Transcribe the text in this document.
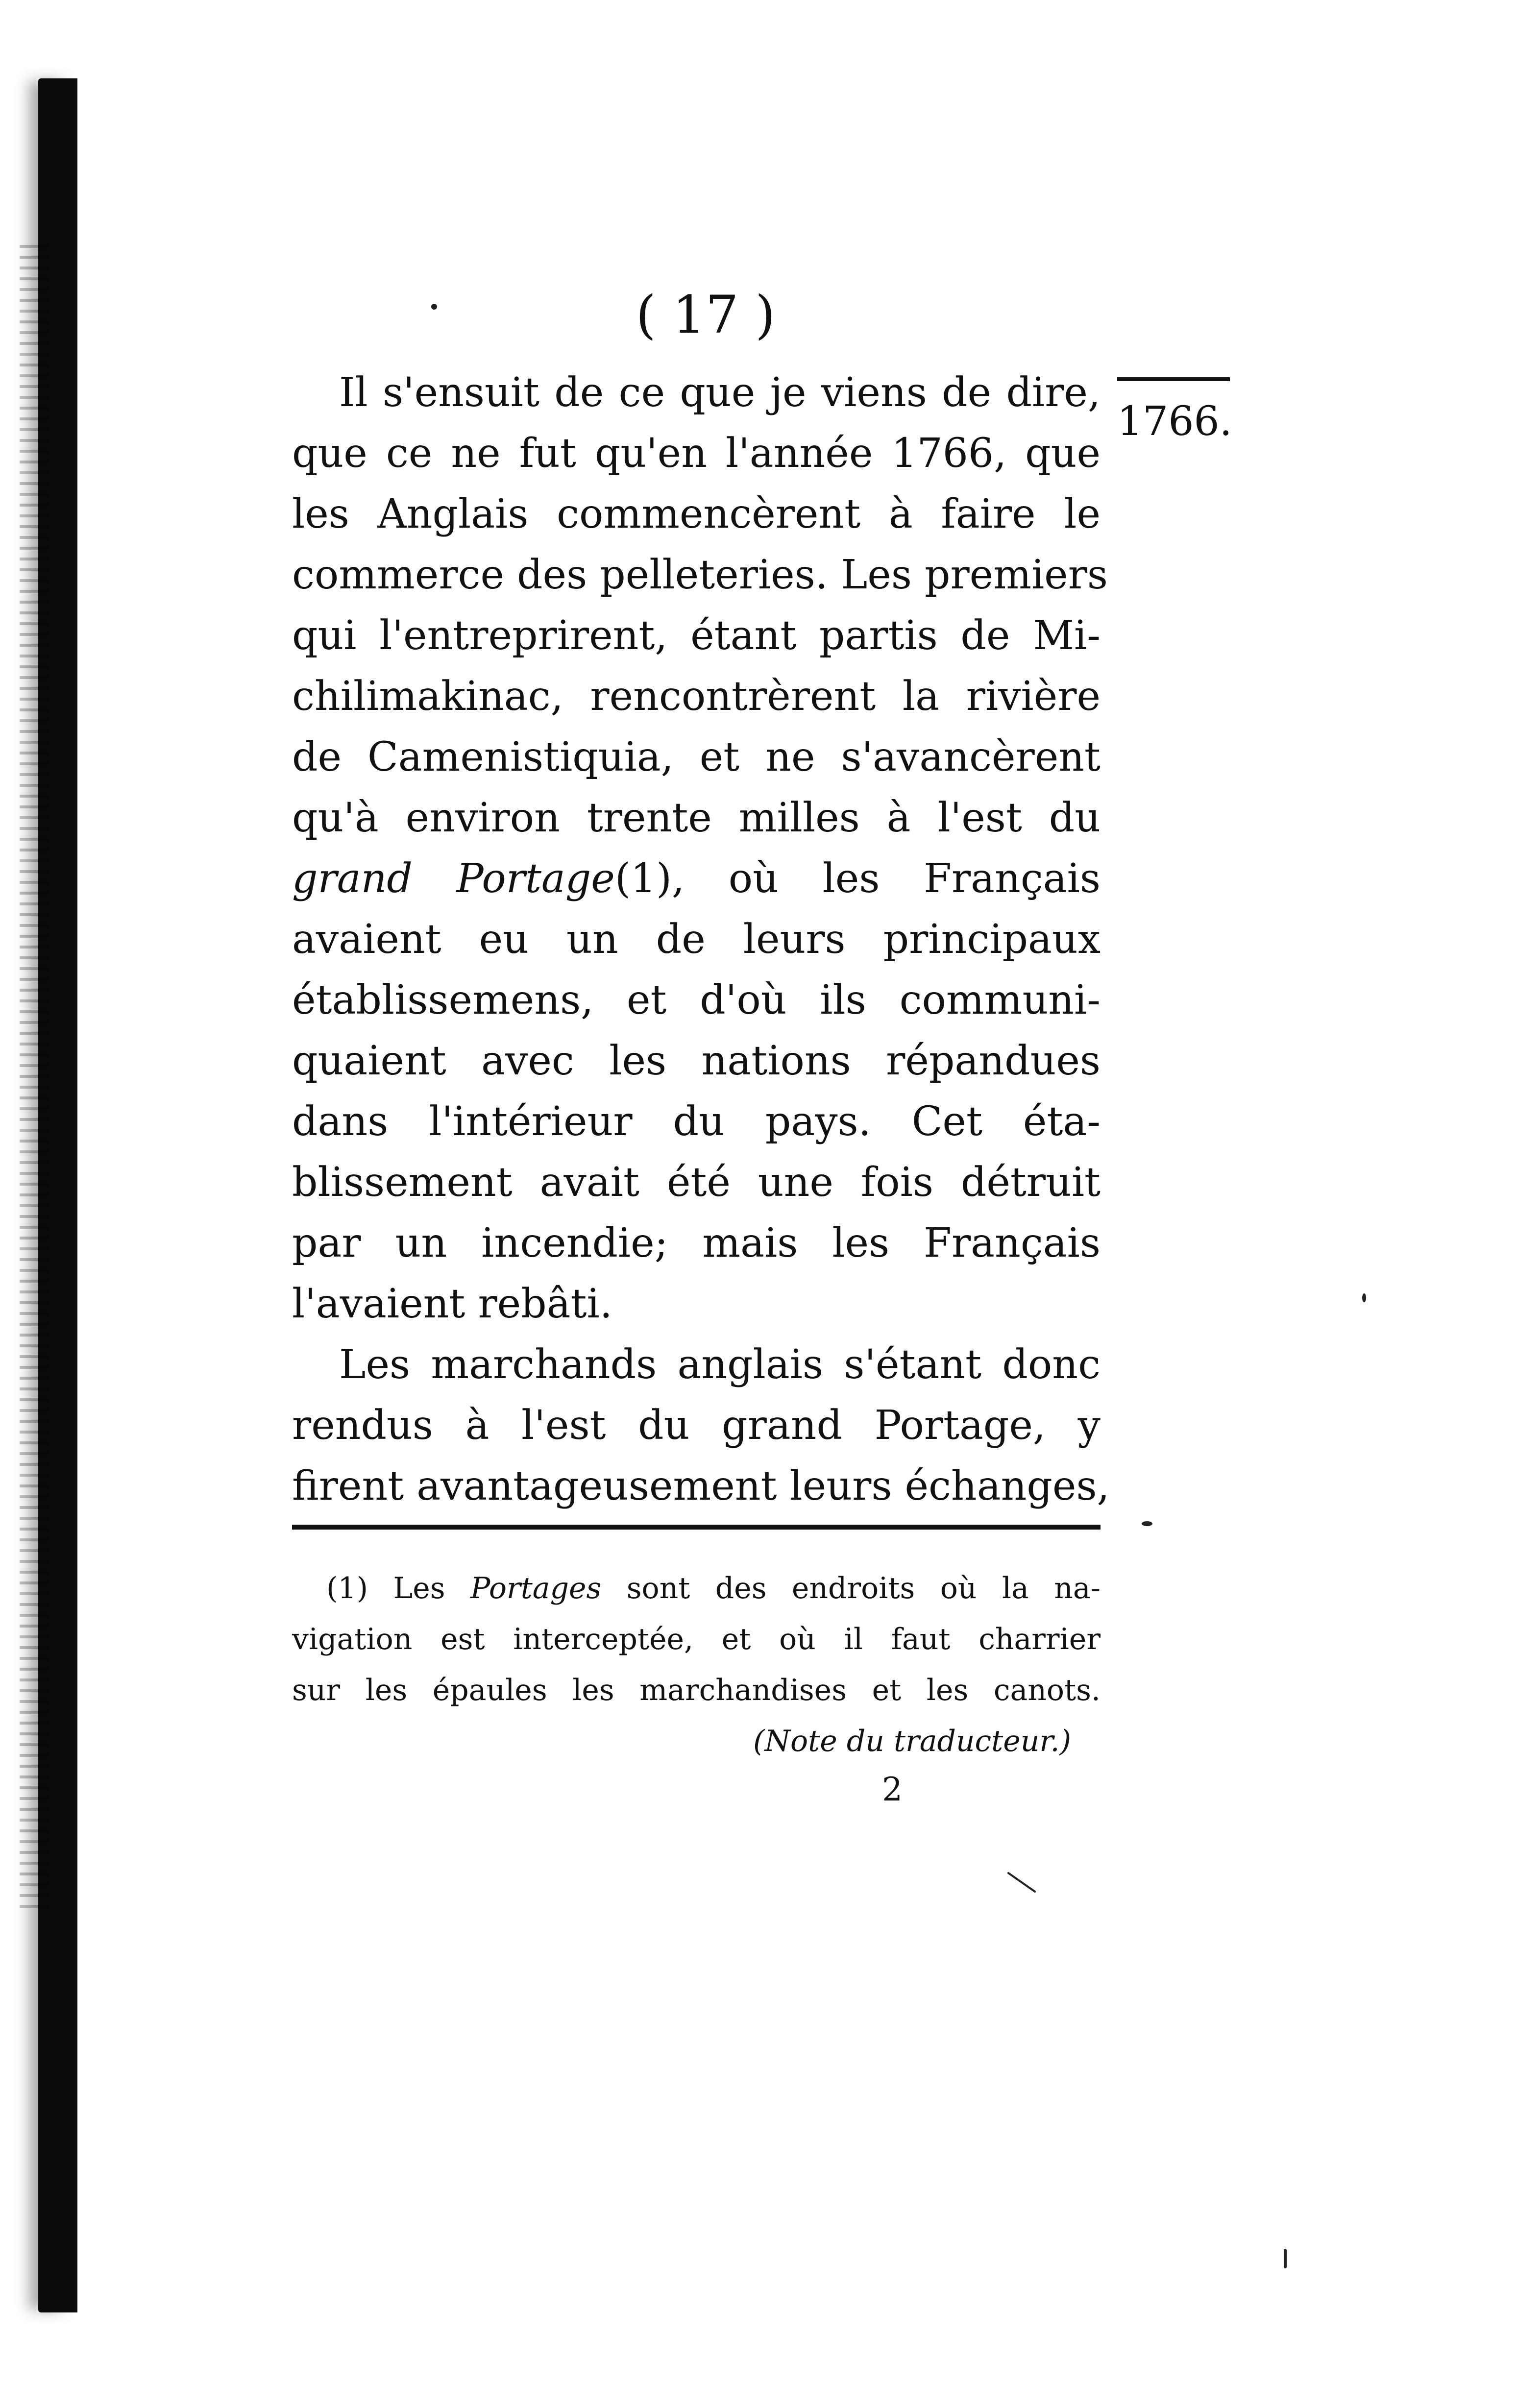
( 17 )
1766.
Il s'ensuit de ce que je viens de dire,
que ce ne fut qu'en l'année 1766, que
les Anglais commencèrent à faire le
commerce des pelleteries. Les premiers
qui l'entreprirent, étant partis de Mi-
chilimakinac, rencontrèrent la rivière
de Camenistiquia, et ne s'avancèrent
qu'à environ trente milles à l'est du
grand Portage(1), où les Français
avaient eu un de leurs principaux
établissemens, et d'où ils communi-
quaient avec les nations répandues
dans l'intérieur du pays. Cet éta-
blissement avait été une fois détruit
par un incendie; mais les Français
l'avaient rebâti.
Les marchands anglais s'étant donc
rendus à l'est du grand Portage, y
firent avantageusement leurs échanges,
(1) Les Portages sont des endroits où la na-
vigation est interceptée, et où il faut charrier
sur les épaules les marchandises et les canots.
(Note du traducteur.)
2
